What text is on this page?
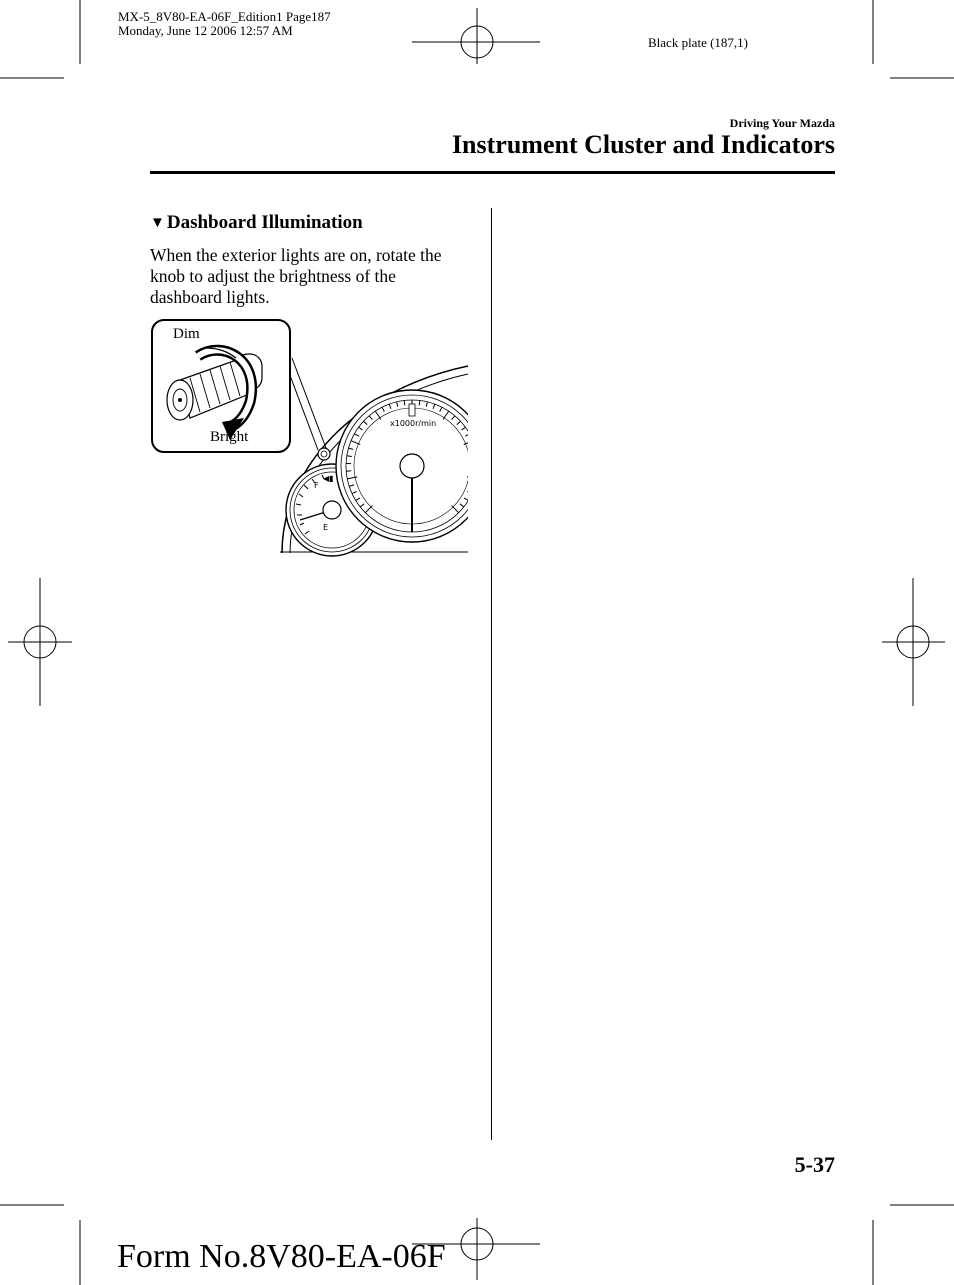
MX-5_8V80-EA-06F_Edition1 Page187
Monday, June 12 2006 12:57 AM
Black plate (187,1)
Driving Your Mazda
Instrument Cluster and Indicators
▼ Dashboard Illumination
When the exterior lights are on, rotate the knob to adjust the brightness of the dashboard lights.
F
E
◀▮
x1000r/min
Dim
Bright
5-37
Form No.8V80-EA-06F
